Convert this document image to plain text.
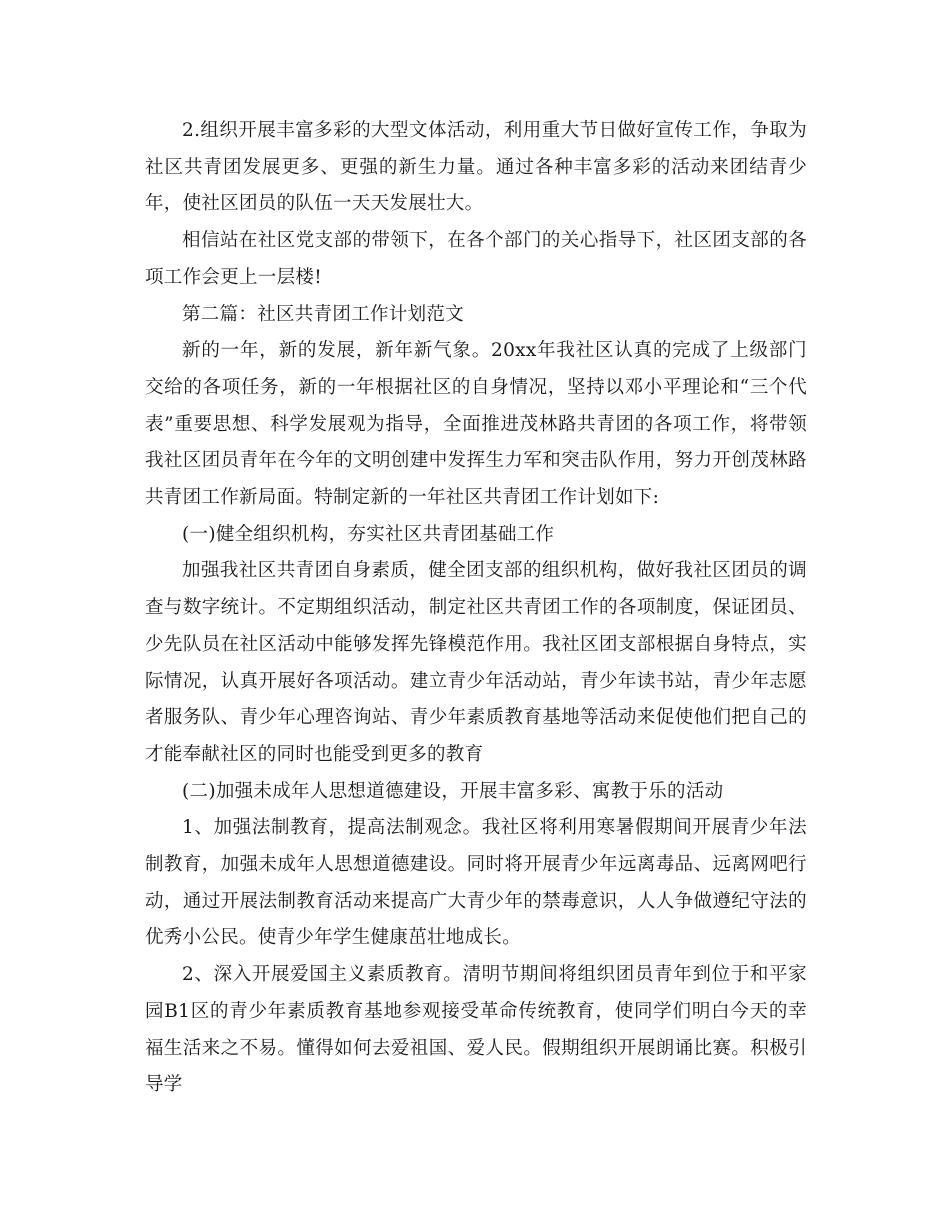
2.组织开展丰富多彩的大型文体活动，利用重大节日做好宣传工作，争取为社区共青团发展更多、更强的新生力量。通过各种丰富多彩的活动来团结青少年，使社区团员的队伍一天天发展壮大。

相信站在社区党支部的带领下，在各个部门的关心指导下，社区团支部的各项工作会更上一层楼!

第二篇：社区共青团工作计划范文

新的一年，新的发展，新年新气象。20xx年我社区认真的完成了上级部门交给的各项任务，新的一年根据社区的自身情况，坚持以邓小平理论和“三个代表”重要思想、科学发展观为指导，全面推进茂林路共青团的各项工作，将带领我社区团员青年在今年的文明创建中发挥生力军和突击队作用，努力开创茂林路共青团工作新局面。特制定新的一年社区共青团工作计划如下:

(一)健全组织机构，夯实社区共青团基础工作

加强我社区共青团自身素质，健全团支部的组织机构，做好我社区团员的调查与数字统计。不定期组织活动，制定社区共青团工作的各项制度，保证团员、少先队员在社区活动中能够发挥先锋模范作用。我社区团支部根据自身特点，实际情况，认真开展好各项活动。建立青少年活动站，青少年读书站，青少年志愿者服务队、青少年心理咨询站、青少年素质教育基地等活动来促使他们把自己的才能奉献社区的同时也能受到更多的教育

(二)加强未成年人思想道德建设，开展丰富多彩、寓教于乐的活动

1、加强法制教育，提高法制观念。我社区将利用寒暑假期间开展青少年法制教育，加强未成年人思想道德建设。同时将开展青少年远离毒品、远离网吧行动，通过开展法制教育活动来提高广大青少年的禁毒意识，人人争做遵纪守法的优秀小公民。使青少年学生健康茁壮地成长。

2、深入开展爱国主义素质教育。清明节期间将组织团员青年到位于和平家园B1区的青少年素质教育基地参观接受革命传统教育，使同学们明白今天的幸福生活来之不易。懂得如何去爱祖国、爱人民。假期组织开展朗诵比赛。积极引导学
